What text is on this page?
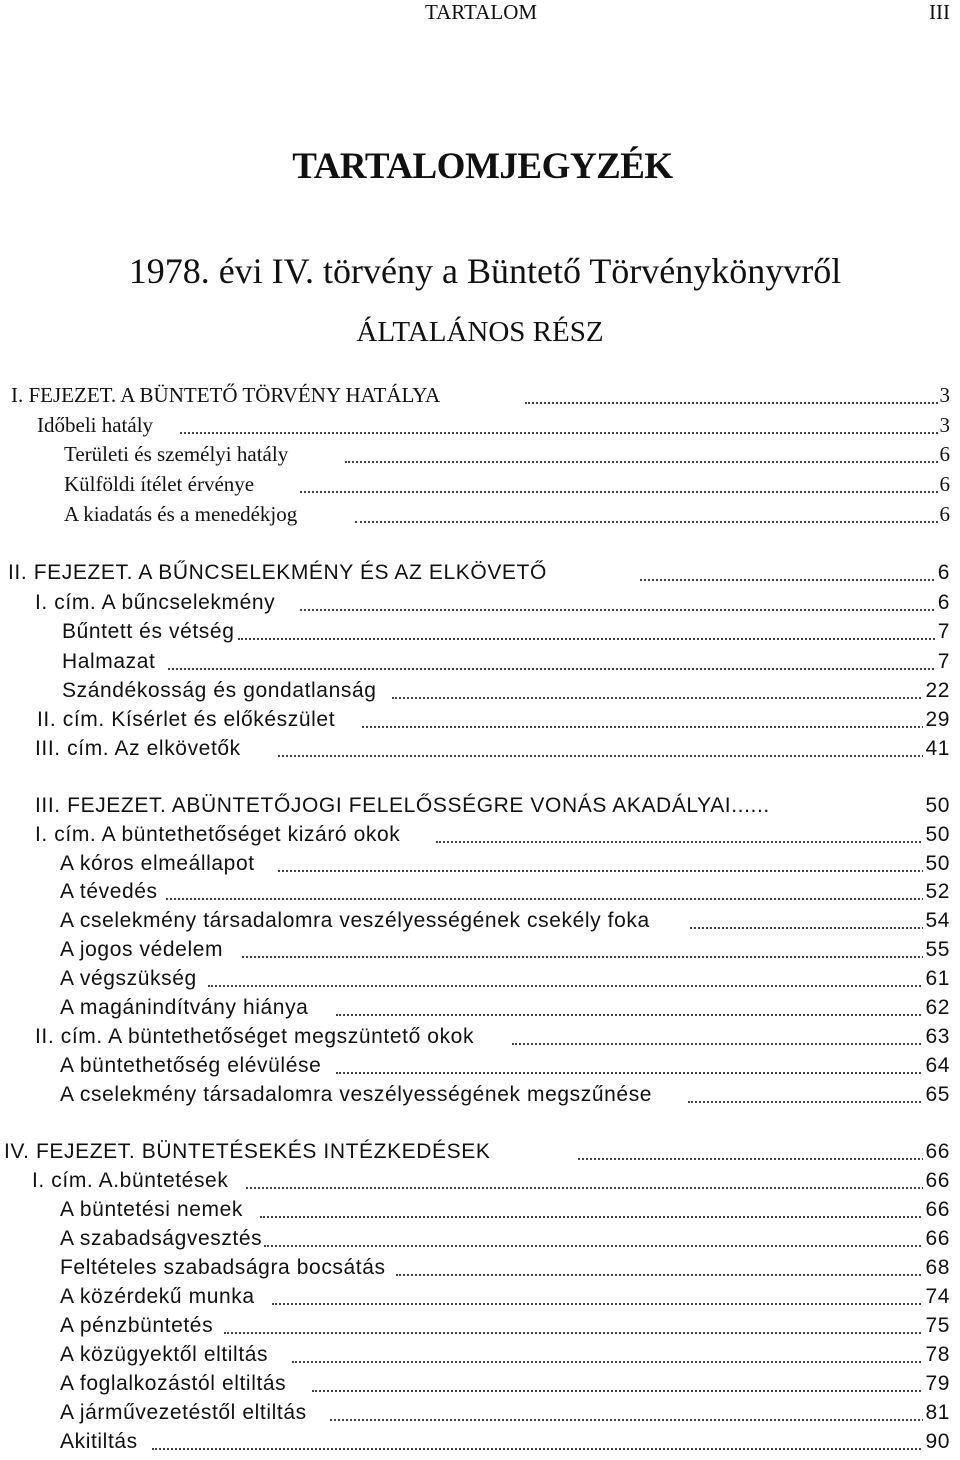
TARTALOM	III
TARTALOMJEGYZÉK
1978. évi IV. törvény a Büntető Törvénykönyvről
ÁLTALÁNOS RÉSZ
I. FEJEZET. A BÜNTETŐ TÖRVÉNY HATÁLYA	3
Időbeli hatály	3
Területi és személyi hatály	6
Külföldi ítélet érvénye	6
A kiadatás és a menedékjog	6
II. FEJEZET. A BŰNCSELEKMÉNY ÉS AZ ELKÖVETŐ	6
I. cím. A bűncselekmény	6
Bűntett és vétség	7
Halmazat	7
Szándékosság és gondatlanság	22
II. cím. Kísérlet és előkészület	29
III. cím. Az elkövetők	41
III. FEJEZET. ABÜNTETŐJOGI FELELŐSSÉGRE VONÁS AKADÁLYAI......	50
I. cím. A büntethetőséget kizáró okok	50
A kóros elmeállapot	50
A tévedés	52
A cselekmény társadalomra veszélyességének csekély foka	54
A jogos védelem	55
A végszükség	61
A magánindítvány hiánya	62
II. cím. A büntethetőséget megszüntető okok	63
A büntethetőség elévülése	64
A cselekmény társadalomra veszélyességének megszűnése	65
IV. FEJEZET. BÜNTETÉSEKÉS INTÉZKEDÉSEK	66
I. cím. A.büntetések	66
A büntetési nemek	66
A szabadságvesztés	66
Feltételes szabadságra bocsátás	68
A közérdekű munka	74
A pénzbüntetés	75
A közügyektől eltiltás	78
A foglalkozástól eltiltás	79
A járművezetéstől eltiltás	81
Akitiltás	90
